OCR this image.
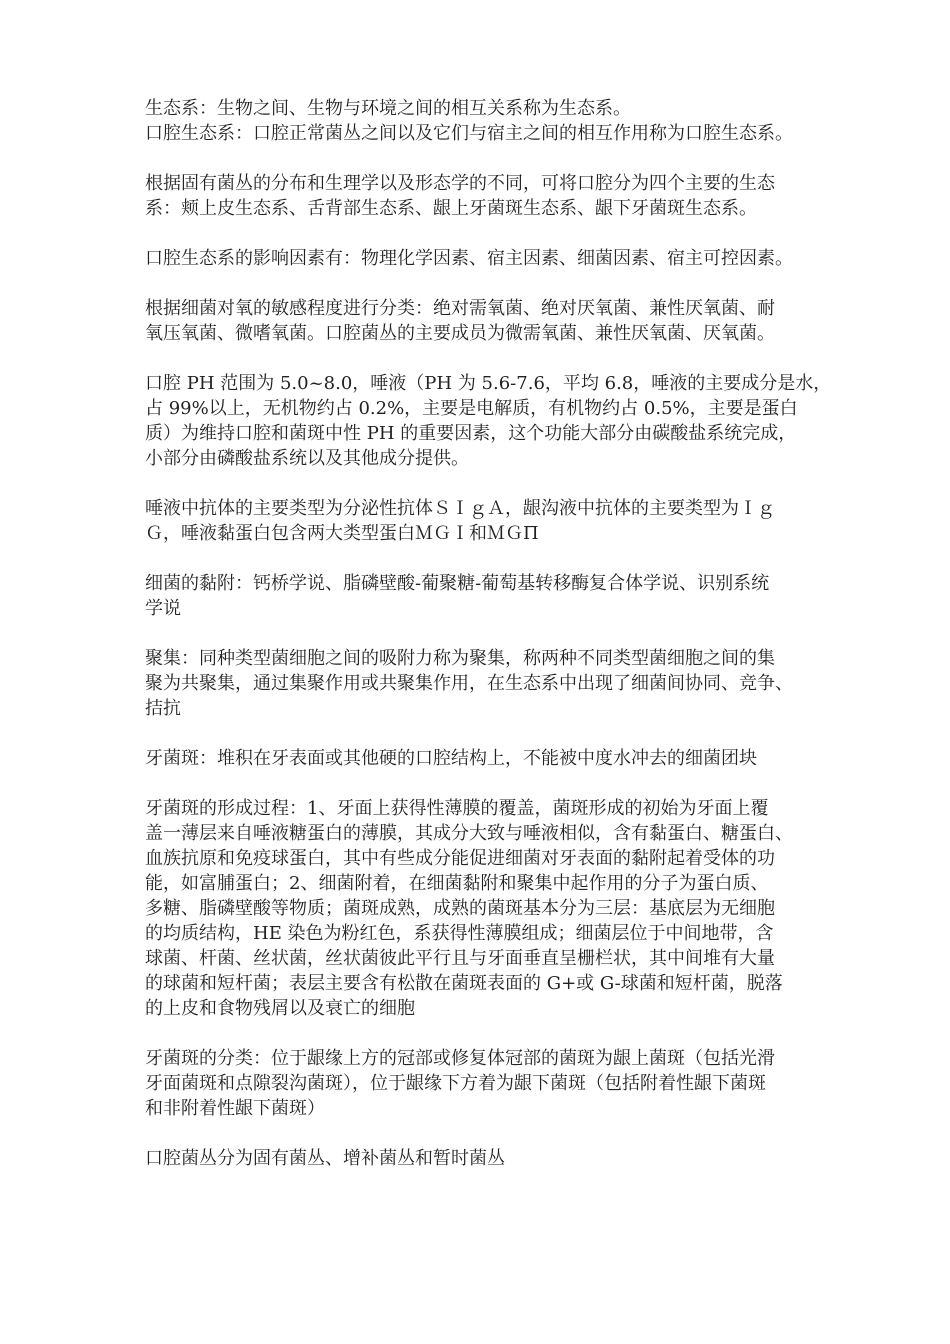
生态系：生物之间、生物与环境之间的相互关系称为生态系。
口腔生态系：口腔正常菌丛之间以及它们与宿主之间的相互作用称为口腔生态系。
根据固有菌丛的分布和生理学以及形态学的不同，可将口腔分为四个主要的生态
系：颊上皮生态系、舌背部生态系、龈上牙菌斑生态系、龈下牙菌斑生态系。
口腔生态系的影响因素有：物理化学因素、宿主因素、细菌因素、宿主可控因素。
根据细菌对氧的敏感程度进行分类：绝对需氧菌、绝对厌氧菌、兼性厌氧菌、耐
氧压氧菌、微嗜氧菌。口腔菌丛的主要成员为微需氧菌、兼性厌氧菌、厌氧菌。
口腔 PH 范围为 5.0~8.0，唾液（PH 为 5.6-7.6，平均 6.8，唾液的主要成分是水，
占 99%以上，无机物约占 0.2%，主要是电解质，有机物约占 0.5%，主要是蛋白
质）为维持口腔和菌斑中性 PH 的重要因素，这个功能大部分由碳酸盐系统完成，
小部分由磷酸盐系统以及其他成分提供。
唾液中抗体的主要类型为分泌性抗体ＳＩｇＡ，龈沟液中抗体的主要类型为Ｉｇ
Ｇ，唾液黏蛋白包含两大类型蛋白ＭＧＩ和ＭＧΠ
细菌的黏附：钙桥学说、脂磷壁酸-葡聚糖-葡萄基转移酶复合体学说、识别系统
学说
聚集：同种类型菌细胞之间的吸附力称为聚集，称两种不同类型菌细胞之间的集
聚为共聚集，通过集聚作用或共聚集作用，在生态系中出现了细菌间协同、竞争、
拮抗
牙菌斑：堆积在牙表面或其他硬的口腔结构上，不能被中度水冲去的细菌团块
牙菌斑的形成过程：1、牙面上获得性薄膜的覆盖，菌斑形成的初始为牙面上覆
盖一薄层来自唾液糖蛋白的薄膜，其成分大致与唾液相似，含有黏蛋白、糖蛋白、
血族抗原和免疫球蛋白，其中有些成分能促进细菌对牙表面的黏附起着受体的功
能，如富脯蛋白；2、细菌附着，在细菌黏附和聚集中起作用的分子为蛋白质、
多糖、脂磷壁酸等物质；菌斑成熟，成熟的菌斑基本分为三层：基底层为无细胞
的均质结构，HE 染色为粉红色，系获得性薄膜组成；细菌层位于中间地带，含
球菌、杆菌、丝状菌，丝状菌彼此平行且与牙面垂直呈栅栏状，其中间堆有大量
的球菌和短杆菌；表层主要含有松散在菌斑表面的 G+或 G-球菌和短杆菌，脱落
的上皮和食物残屑以及衰亡的细胞
牙菌斑的分类：位于龈缘上方的冠部或修复体冠部的菌斑为龈上菌斑（包括光滑
牙面菌斑和点隙裂沟菌斑），位于龈缘下方着为龈下菌斑（包括附着性龈下菌斑
和非附着性龈下菌斑）
口腔菌丛分为固有菌丛、增补菌丛和暂时菌丛
